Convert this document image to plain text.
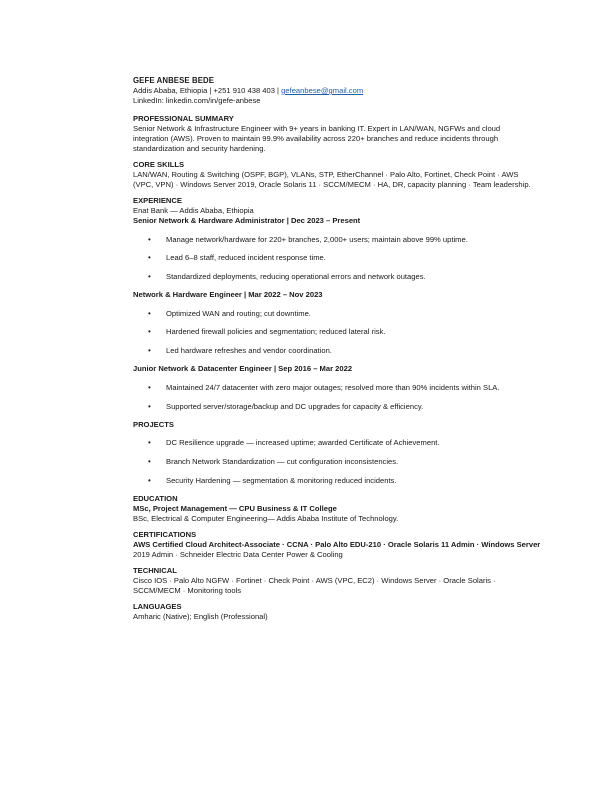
GEFE ANBESE BEDE
Addis Ababa, Ethiopia | +251 910 438 403 | gefeanbese@gmail.com
LinkedIn: linkedin.com/in/gefe-anbese
PROFESSIONAL SUMMARY
Senior Network & Infrastructure Engineer with 9+ years in banking IT. Expert in LAN/WAN, NGFWs and cloud
integration (AWS). Proven to maintain 99.9% availability across 220+ branches and reduce incidents through
standardization and security hardening.
CORE SKILLS
LAN/WAN, Routing & Switching (OSPF, BGP), VLANs, STP, EtherChannel · Palo Alto, Fortinet, Check Point · AWS
(VPC, VPN) · Windows Server 2019, Oracle Solaris 11 · SCCM/MECM · HA, DR, capacity planning · Team leadership.
EXPERIENCE
Enat Bank — Addis Ababa, Ethiopia
Senior Network & Hardware Administrator | Dec 2023 – Present
• Manage network/hardware for 220+ branches, 2,000+ users; maintain above 99% uptime.
• Lead 6–8 staff, reduced incident response time.
• Standardized deployments, reducing operational errors and network outages.
Network & Hardware Engineer | Mar 2022 – Nov 2023
• Optimized WAN and routing; cut downtime.
• Hardened firewall policies and segmentation; reduced lateral risk.
• Led hardware refreshes and vendor coordination.
Junior Network & Datacenter Engineer | Sep 2016 – Mar 2022
• Maintained 24/7 datacenter with zero major outages; resolved more than 90% incidents within SLA.
• Supported server/storage/backup and DC upgrades for capacity & efficiency.
PROJECTS
• DC Resilience upgrade — increased uptime; awarded Certificate of Achievement.
• Branch Network Standardization — cut configuration inconsistencies.
• Security Hardening — segmentation & monitoring reduced incidents.
EDUCATION
MSc, Project Management — CPU Business & IT College
BSc, Electrical & Computer Engineering— Addis Ababa Institute of Technology.
CERTIFICATIONS
AWS Certified Cloud Architect-Associate · CCNA · Palo Alto EDU-210 · Oracle Solaris 11 Admin · Windows Server
2019 Admin · Schneider Electric Data Center Power & Cooling
TECHNICAL
Cisco IOS · Palo Alto NGFW · Fortinet · Check Point · AWS (VPC, EC2) · Windows Server · Oracle Solaris ·
SCCM/MECM · Monitoring tools
LANGUAGES
Amharic (Native); English (Professional)
